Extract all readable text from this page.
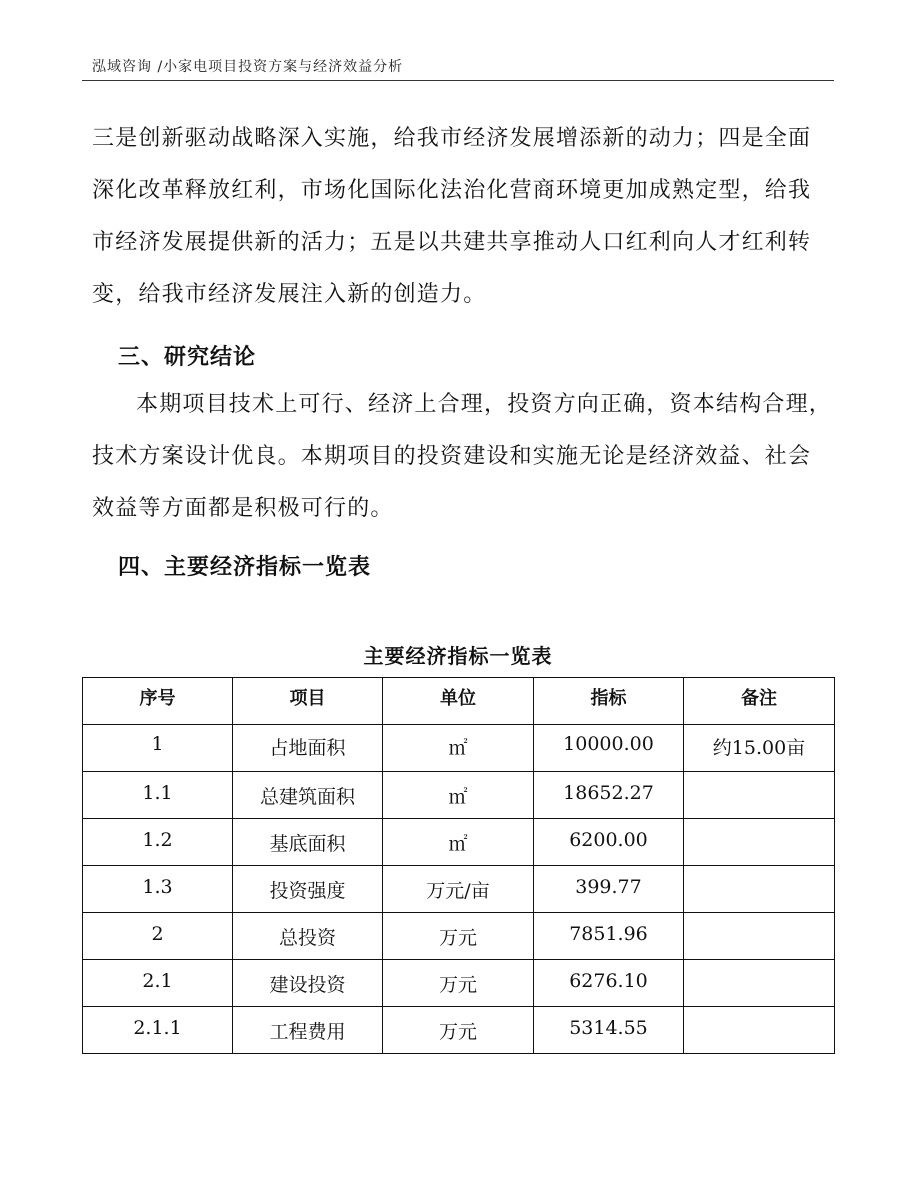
泓域咨询 /小家电项目投资方案与经济效益分析

三是创新驱动战略深入实施，给我市经济发展增添新的动力；四是全面深化改革释放红利，市场化国际化法治化营商环境更加成熟定型，给我市经济发展提供新的活力；五是以共建共享推动人口红利向人才红利转变，给我市经济发展注入新的创造力。

三、研究结论

本期项目技术上可行、经济上合理，投资方向正确，资本结构合理，技术方案设计优良。本期项目的投资建设和实施无论是经济效益、社会效益等方面都是积极可行的。

四、主要经济指标一览表
主要经济指标一览表
序号	项目	单位	指标	备注
1	占地面积	㎡	10000.00	约15.00亩
1.1	总建筑面积	㎡	18652.27	
1.2	基底面积	㎡	6200.00	
1.3	投资强度	万元/亩	399.77	
2	总投资	万元	7851.96	
2.1	建设投资	万元	6276.10	
2.1.1	工程费用	万元	5314.55	
